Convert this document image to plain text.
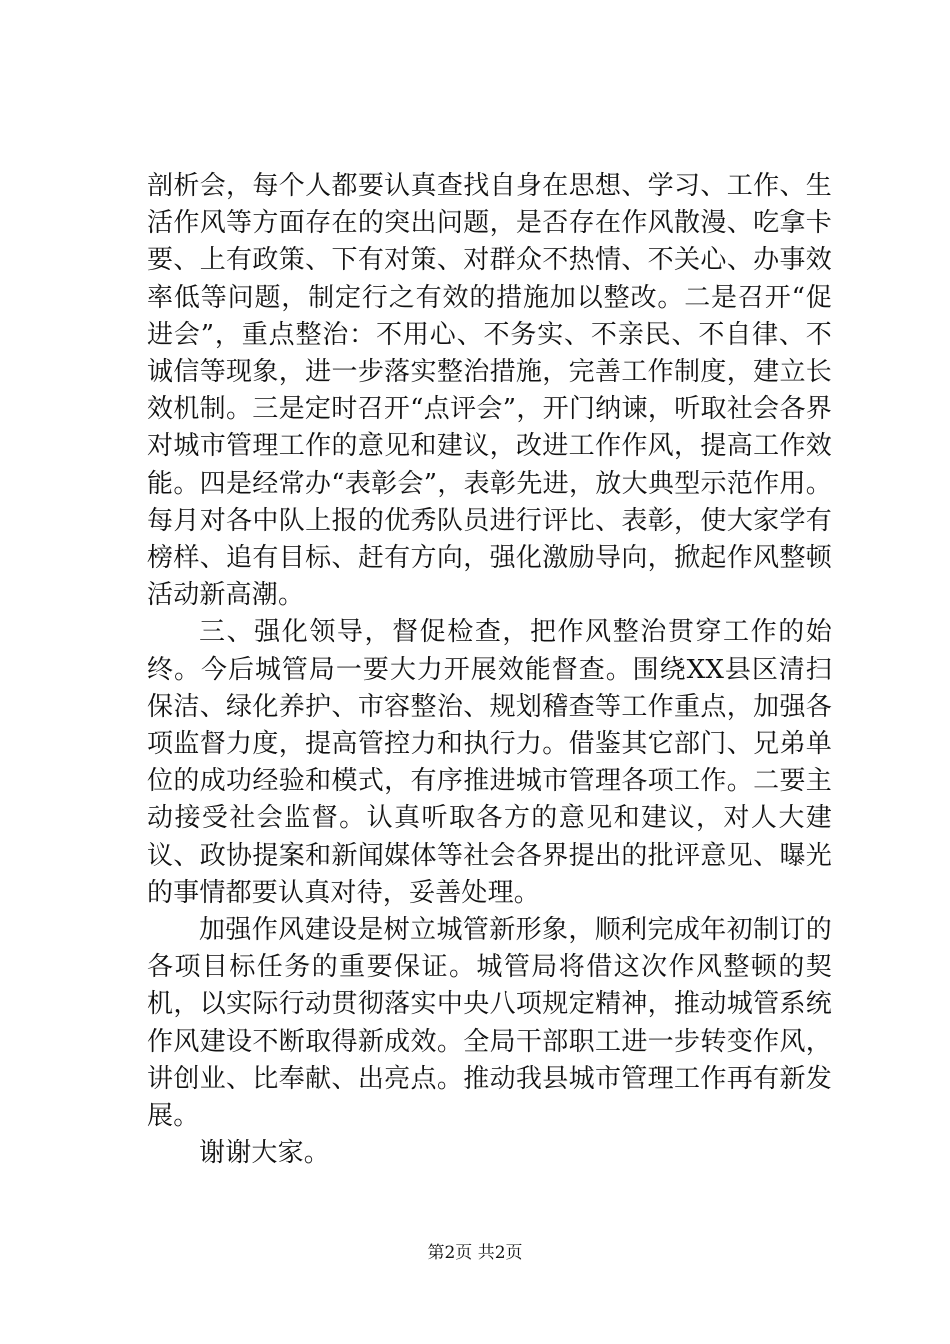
剖析会，每个人都要认真查找自身在思想、学习、工作、生活作风等方面存在的突出问题，是否存在作风散漫、吃拿卡要、上有政策、下有对策、对群众不热情、不关心、办事效率低等问题，制定行之有效的措施加以整改。二是召开“促进会”，重点整治：不用心、不务实、不亲民、不自律、不诚信等现象，进一步落实整治措施，完善工作制度，建立长效机制。三是定时召开“点评会”，开门纳谏，听取社会各界对城市管理工作的意见和建议，改进工作作风，提高工作效能。四是经常办“表彰会”，表彰先进，放大典型示范作用。每月对各中队上报的优秀队员进行评比、表彰，使大家学有榜样、追有目标、赶有方向，强化激励导向，掀起作风整顿活动新高潮。

三、强化领导，督促检查，把作风整治贯穿工作的始终。今后城管局一要大力开展效能督查。围绕XX县区清扫保洁、绿化养护、市容整治、规划稽查等工作重点，加强各项监督力度，提高管控力和执行力。借鉴其它部门、兄弟单位的成功经验和模式，有序推进城市管理各项工作。二要主动接受社会监督。认真听取各方的意见和建议，对人大建议、政协提案和新闻媒体等社会各界提出的批评意见、曝光的事情都要认真对待，妥善处理。

加强作风建设是树立城管新形象，顺利完成年初制订的各项目标任务的重要保证。城管局将借这次作风整顿的契机，以实际行动贯彻落实中央八项规定精神，推动城管系统作风建设不断取得新成效。全局干部职工进一步转变作风，讲创业、比奉献、出亮点。推动我县城市管理工作再有新发展。

谢谢大家。

第2页 共2页
